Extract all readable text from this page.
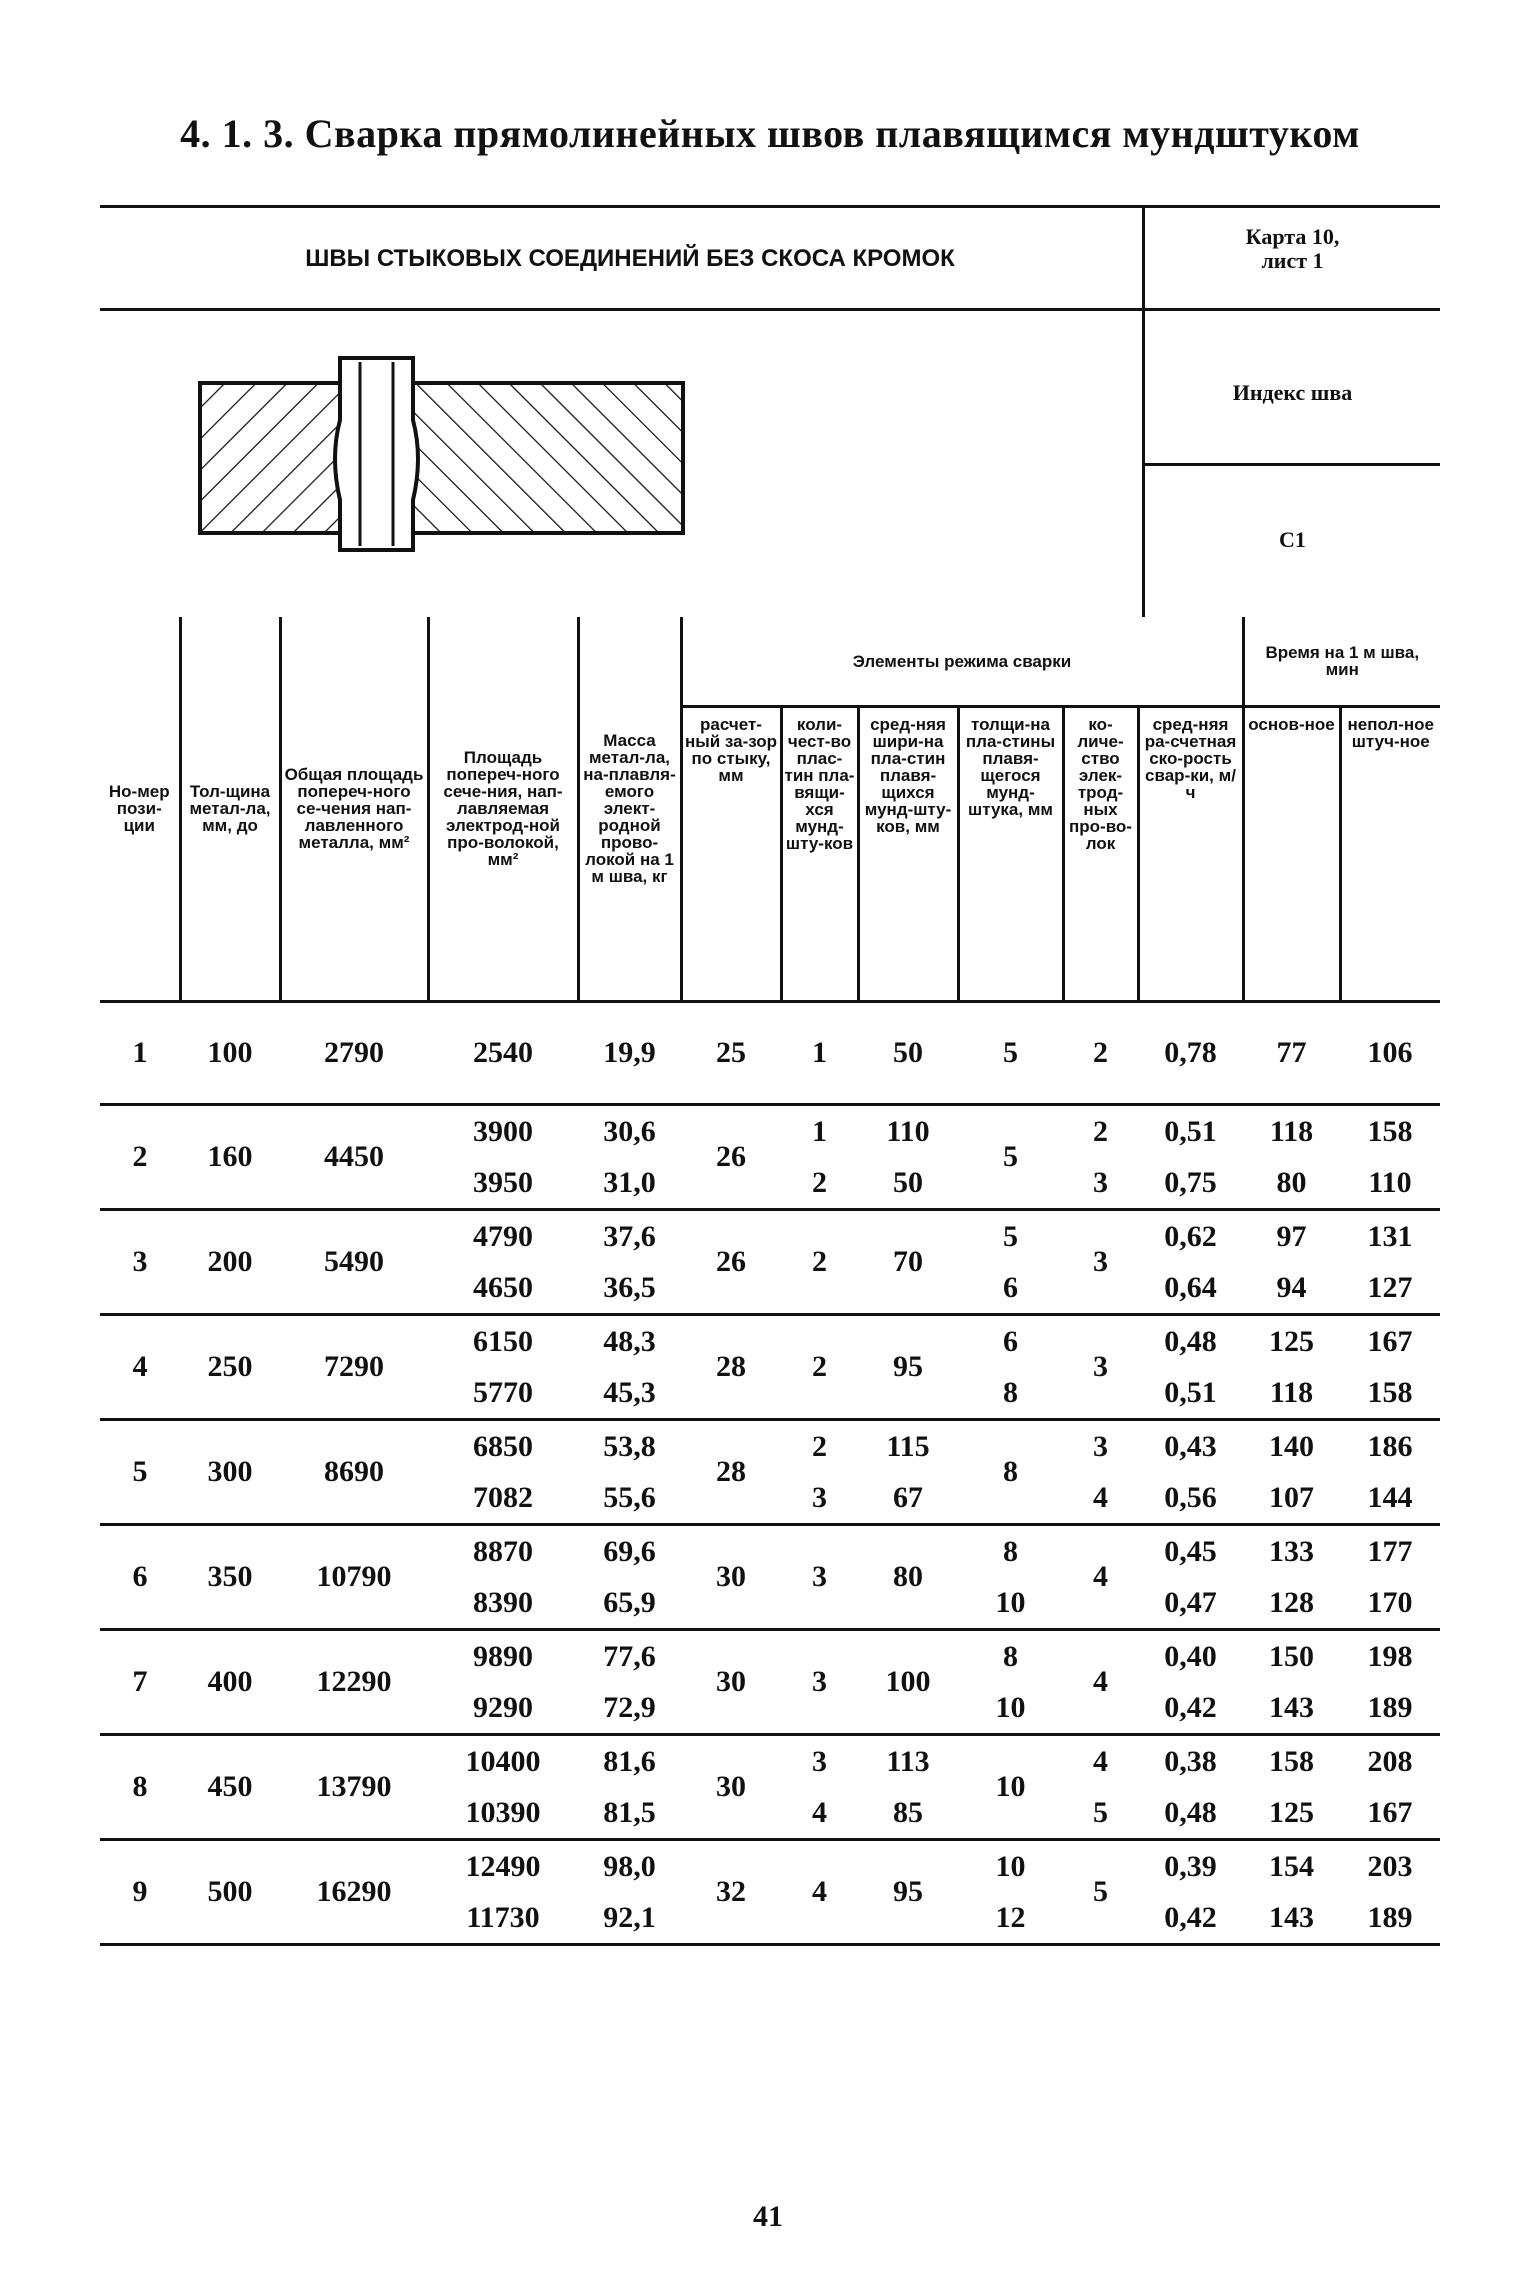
4. 1. 3. Сварка прямолинейных швов плавящимся мундштуком
ШВЫ СТЫКОВЫХ СОЕДИНЕНИЙ БЕЗ СКОСА КРОМОК
Карта 10,
лист 1
Индекс шва
С1
Но-мер пози-ции	Тол-щина метал-ла, мм, до	Общая площадь попереч-ного се-чения нап-лавленного металла, мм²	Площадь попереч-ного сече-ния, нап-лавляемая электрод-ной про-волокой, мм²	Масса метал-ла, на-плавля-емого элект-родной прово-локой на 1 м шва, кг	Элементы режима сварки						Время на 1 м шва, мин	
					расчет-ный за-зор по стыку, мм	коли-чест-во плас-тин пла-вящи-хся мунд-шту-ков	сред-няя шири-на пла-стин плавя-щихся мунд-шту-ков, мм	толщи-на пла-стины плавя-щегося мунд-штука, мм	ко-личе-ство элек-трод-ных про-во-лок	сред-няя ра-счетная ско-рость свар-ки, м/ч	основ-ное	непол-ное штуч-ное
1	100	2790	2540	19,9	25	1	50	5	2	0,78	77	106
2	160	4450	3900	30,6	26	1	110	5	2	0,51	118	158
			3950	31,0		2	50		3	0,75	80	110
3	200	5490	4790	37,6	26	2	70	5	3	0,62	97	131
			4650	36,5				6		0,64	94	127
4	250	7290	6150	48,3	28	2	95	6	3	0,48	125	167
			5770	45,3				8		0,51	118	158
5	300	8690	6850	53,8	28	2	115	8	3	0,43	140	186
			7082	55,6		3	67		4	0,56	107	144
6	350	10790	8870	69,6	30	3	80	8	4	0,45	133	177
			8390	65,9				10		0,47	128	170
7	400	12290	9890	77,6	30	3	100	8	4	0,40	150	198
			9290	72,9				10		0,42	143	189
8	450	13790	10400	81,6	30	3	113	10	4	0,38	158	208
			10390	81,5		4	85		5	0,48	125	167
9	500	16290	12490	98,0	32	4	95	10	5	0,39	154	203
			11730	92,1				12		0,42	143	189
41
